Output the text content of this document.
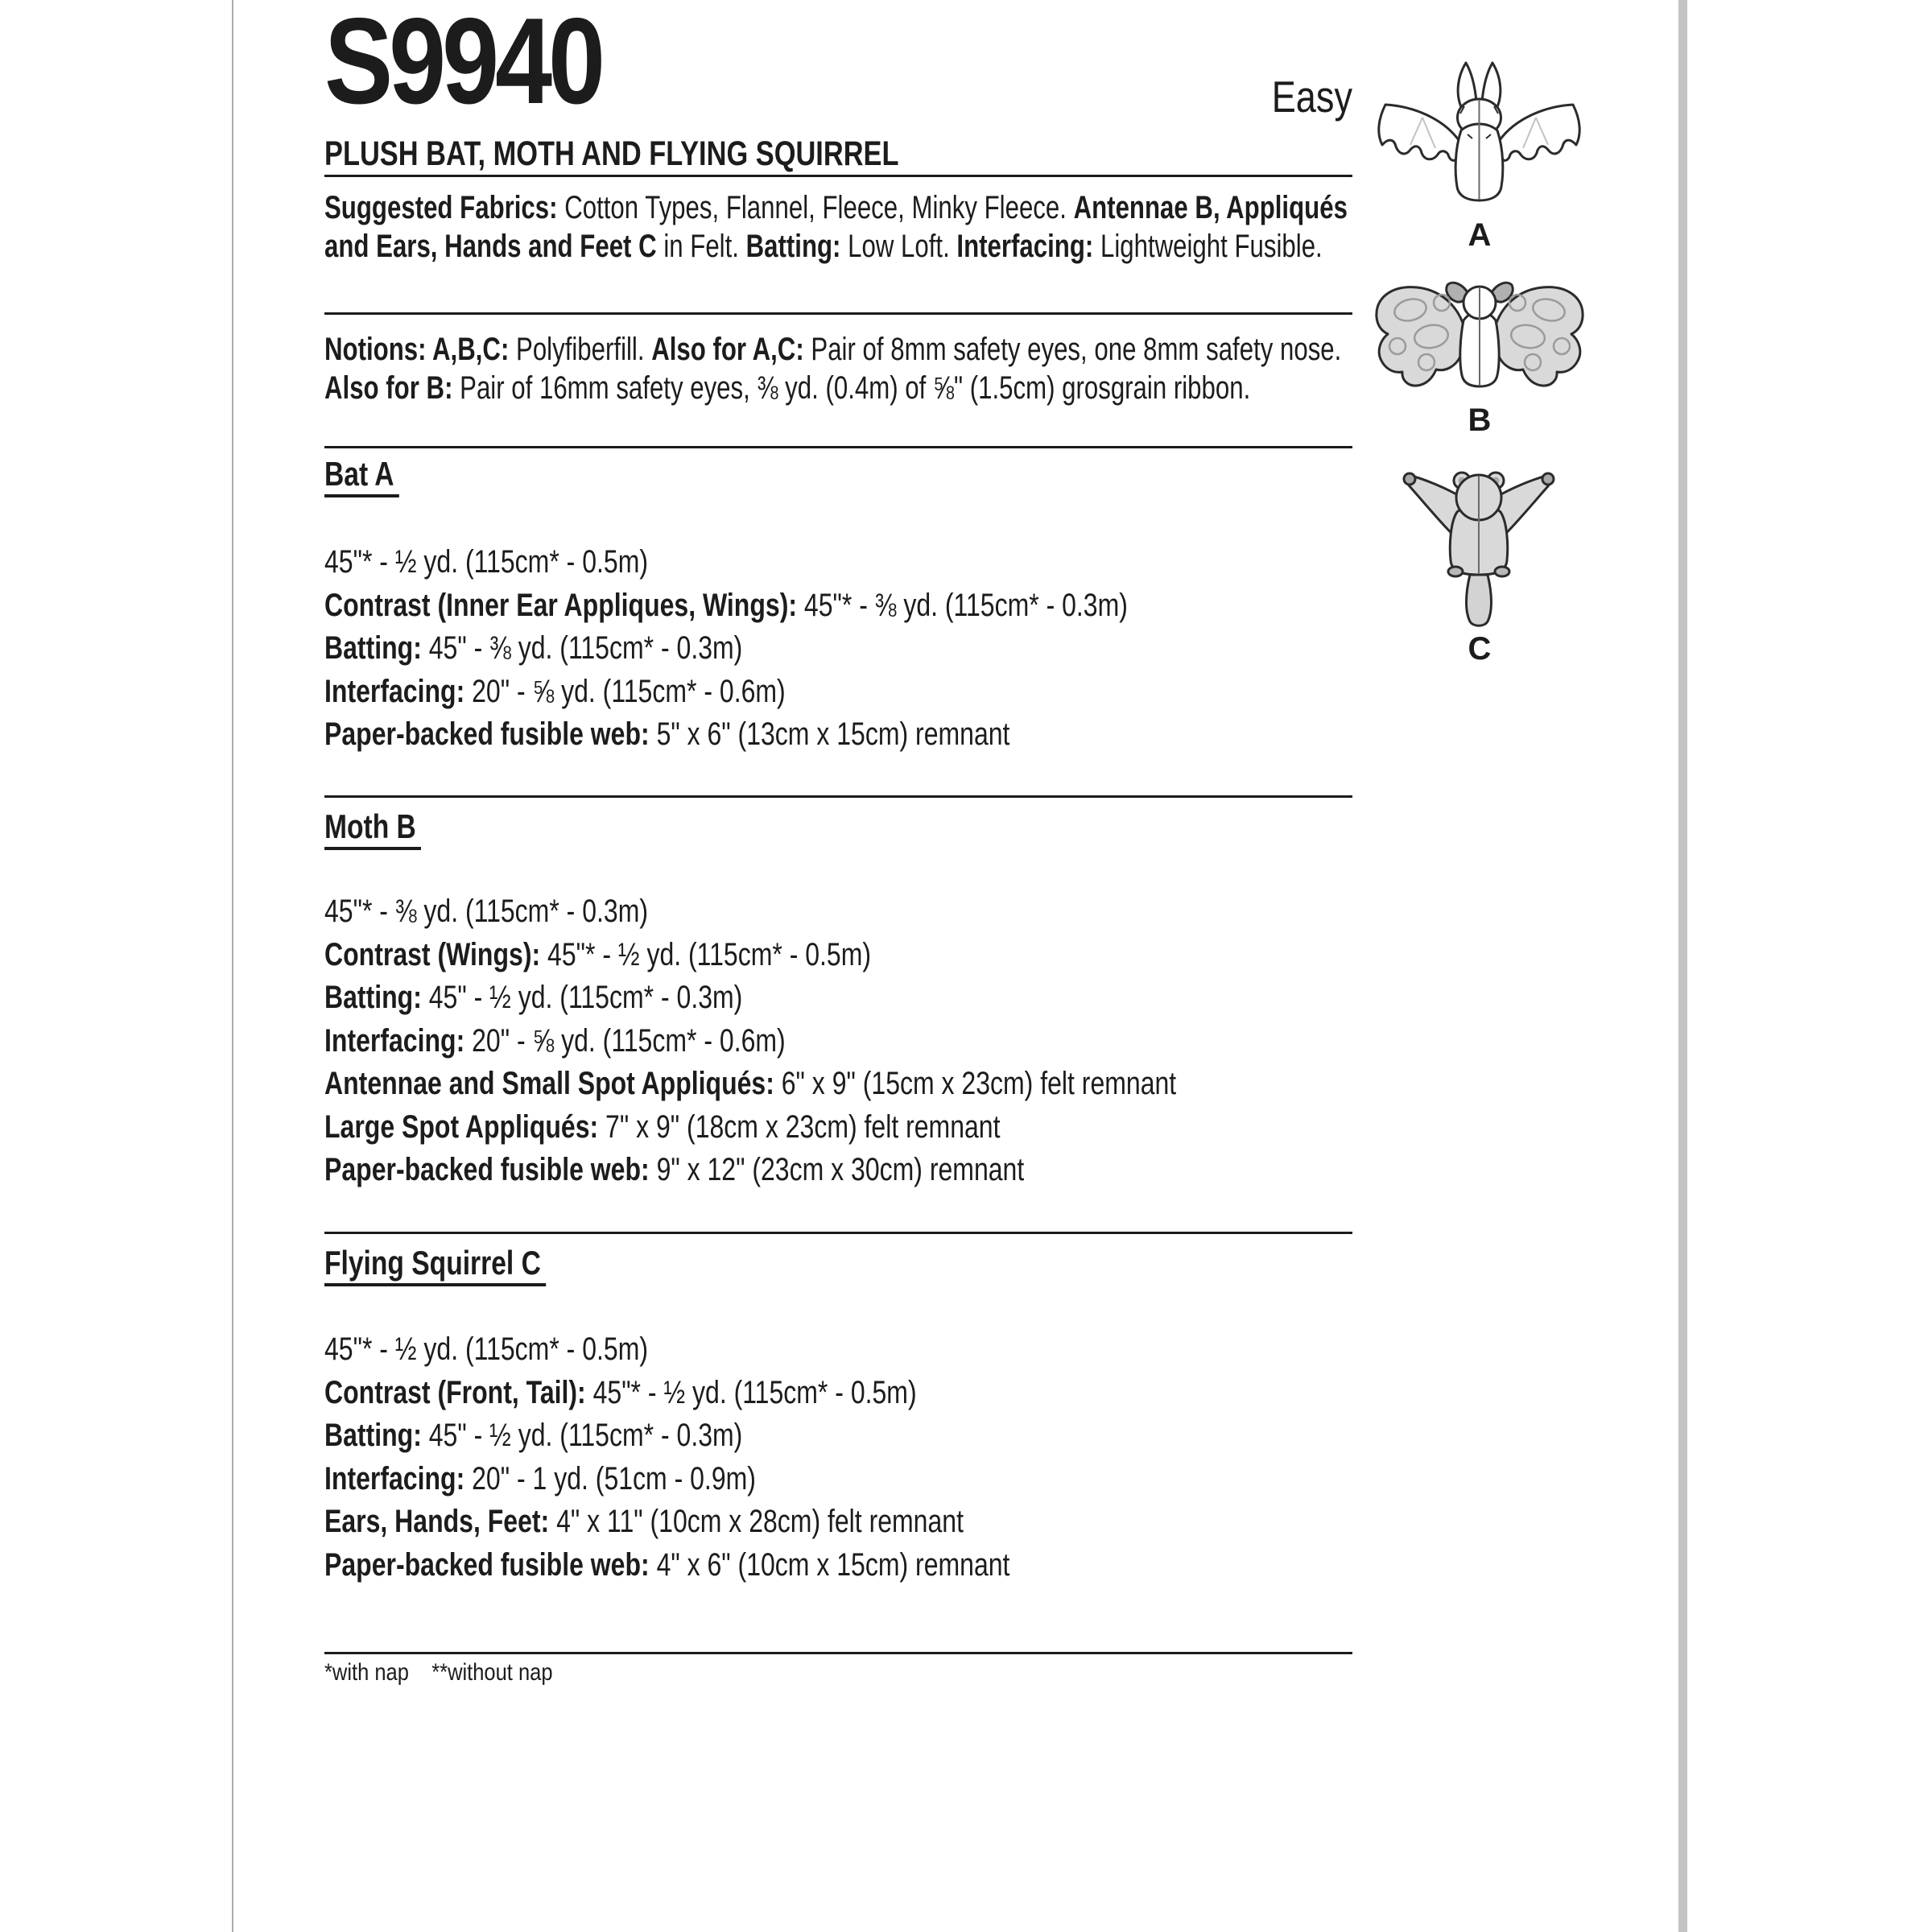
S9940	Easy
PLUSH BAT, MOTH AND FLYING SQUIRREL
Suggested Fabrics: Cotton Types, Flannel, Fleece, Minky Fleece. Antennae B, Appliqués
and Ears, Hands and Feet C in Felt. Batting: Low Loft. Interfacing: Lightweight Fusible.
Notions: A,B,C: Polyfiberfill. Also for A,C: Pair of 8mm safety eyes, one 8mm safety nose.
Also for B: Pair of 16mm safety eyes, ⅜ yd. (0.4m) of ⅝" (1.5cm) grosgrain ribbon.
Bat A
45"* - ½ yd. (115cm* - 0.5m)
Contrast (Inner Ear Appliques, Wings): 45"* - ⅜ yd. (115cm* - 0.3m)
Batting: 45" - ⅜ yd. (115cm* - 0.3m)
Interfacing: 20" - ⅝ yd. (115cm* - 0.6m)
Paper-backed fusible web: 5" x 6" (13cm x 15cm) remnant
Moth B
45"* - ⅜ yd. (115cm* - 0.3m)
Contrast (Wings): 45"* - ½ yd. (115cm* - 0.5m)
Batting: 45" - ½ yd. (115cm* - 0.3m)
Interfacing: 20" - ⅝ yd. (115cm* - 0.6m)
Antennae and Small Spot Appliqués: 6" x 9" (15cm x 23cm) felt remnant
Large Spot Appliqués: 7" x 9" (18cm x 23cm) felt remnant
Paper-backed fusible web: 9" x 12" (23cm x 30cm) remnant
Flying Squirrel C
45"* - ½ yd. (115cm* - 0.5m)
Contrast (Front, Tail): 45"* - ½ yd. (115cm* - 0.5m)
Batting: 45" - ½ yd. (115cm* - 0.3m)
Interfacing: 20" - 1 yd. (51cm - 0.9m)
Ears, Hands, Feet: 4" x 11" (10cm x 28cm) felt remnant
Paper-backed fusible web: 4" x 6" (10cm x 15cm) remnant
*with nap    **without nap
A
B
C
